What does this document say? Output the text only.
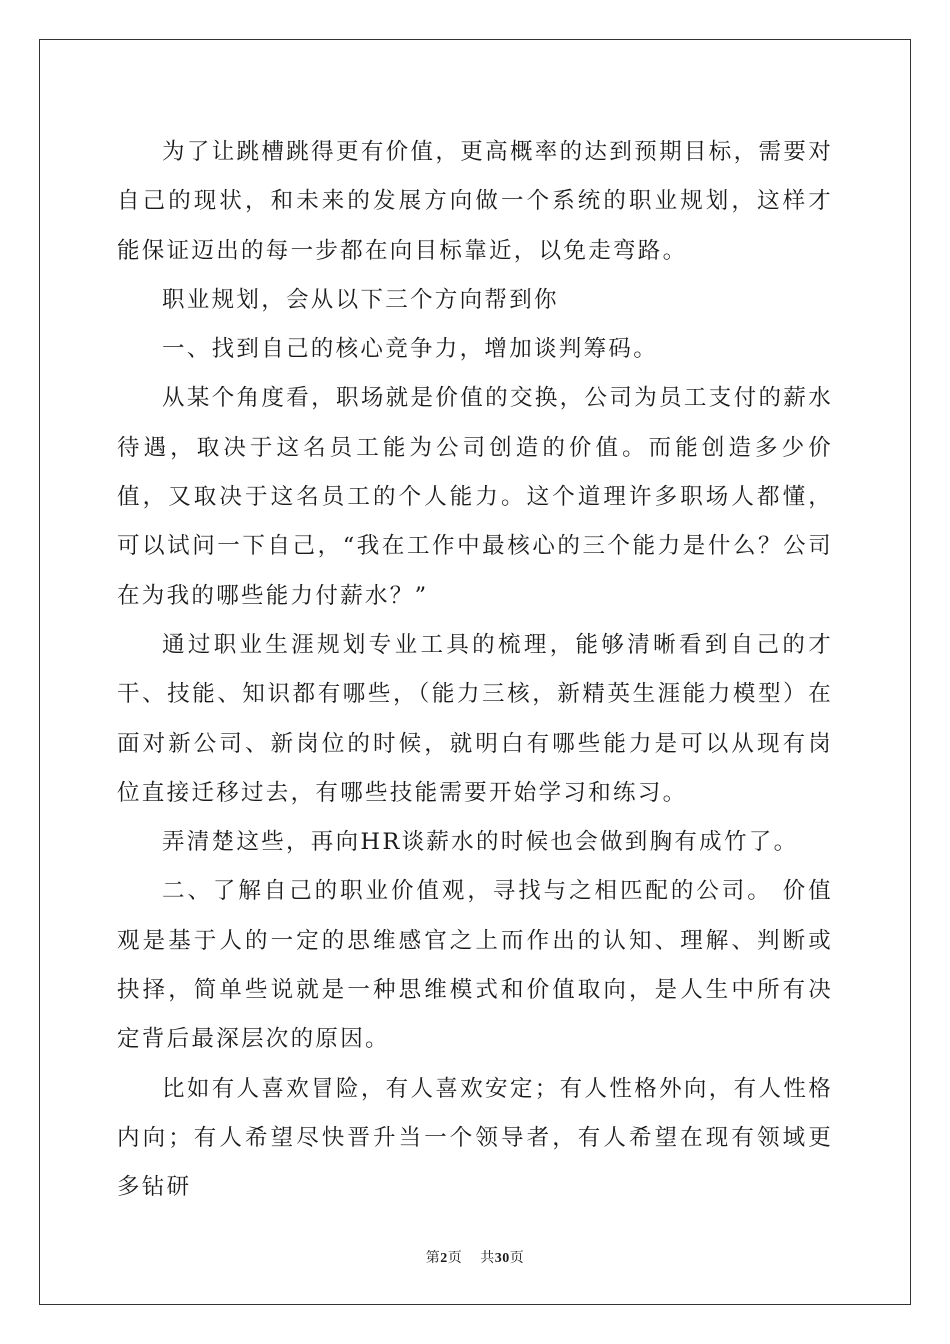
为了让跳槽跳得更有价值，更高概率的达到预期目标，需要对自己的现状，和未来的发展方向做一个系统的职业规划，这样才能保证迈出的每一步都在向目标靠近，以免走弯路。

职业规划，会从以下三个方向帮到你

一、找到自己的核心竞争力，增加谈判筹码。

从某个角度看，职场就是价值的交换，公司为员工支付的薪水待遇，取决于这名员工能为公司创造的价值。而能创造多少价值，又取决于这名员工的个人能力。这个道理许多职场人都懂，可以试问一下自己，“我在工作中最核心的三个能力是什么？公司在为我的哪些能力付薪水？”

通过职业生涯规划专业工具的梳理，能够清晰看到自己的才干、技能、知识都有哪些，（能力三核，新精英生涯能力模型）在面对新公司、新岗位的时候，就明白有哪些能力是可以从现有岗位直接迁移过去，有哪些技能需要开始学习和练习。

弄清楚这些，再向HR谈薪水的时候也会做到胸有成竹了。

二、了解自己的职业价值观，寻找与之相匹配的公司。 价值观是基于人的一定的思维感官之上而作出的认知、理解、判断或抉择，简单些说就是一种思维模式和价值取向，是人生中所有决定背后最深层次的原因。

比如有人喜欢冒险，有人喜欢安定；有人性格外向，有人性格内向；有人希望尽快晋升当一个领导者，有人希望在现有领域更多钻研

第2页 共30页
